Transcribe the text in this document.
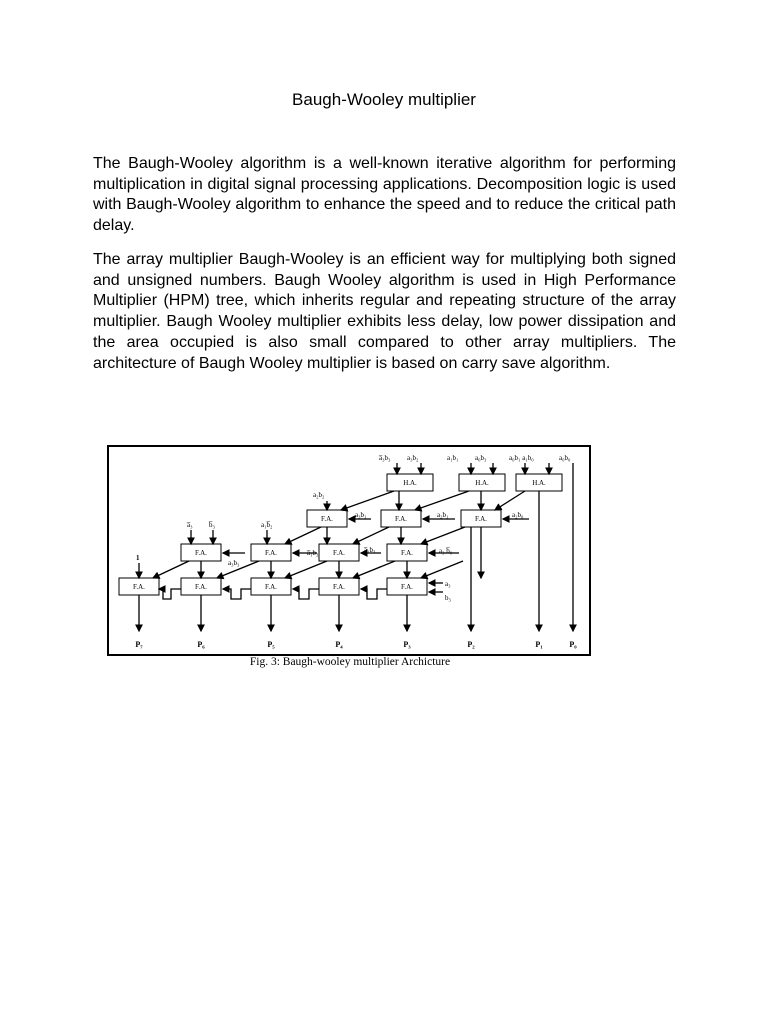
Baugh-Wooley multiplier

The Baugh-Wooley algorithm is a well-known iterative algorithm for performing multiplication in digital signal processing applications. Decomposition logic is used with Baugh-Wooley algorithm to enhance the speed and to reduce the critical path delay.

The array multiplier Baugh-Wooley is an efficient way for multiplying both signed and unsigned numbers. Baugh Wooley algorithm is used in High Performance Multiplier (HPM) tree, which inherits regular and repeating structure of the array multiplier. Baugh Wooley multiplier exhibits less delay, low power dissipation and the area occupied is also small compared to other array multipliers. The architecture of Baugh Wooley multiplier is based on carry save algorithm.

a̅₃b₃ a₃b₂	a₁b₁ a₀b₃	a₀b₁ a₁b₀	a₀b₀
a₂b₂
a₃b₁	a₂b₁	a₂b₀
a̅₃ b̅₃	a₁b̅₂
a₃b₃
a̅₁b₃	a̅₁b₃	a₃ b̅₀
a₃
b₃
1
H.A.	H.A.	H.A.
F.A.	F.A.	F.A.
F.A.	F.A.	F.A.	F.A.
F.A.	F.A.	F.A.	F.A.	F.A.
P₇	P₆	P₅	P₄	P₃	P₂	P₁	P₀
Fig. 3: Baugh-wooley multiplier Archicture
